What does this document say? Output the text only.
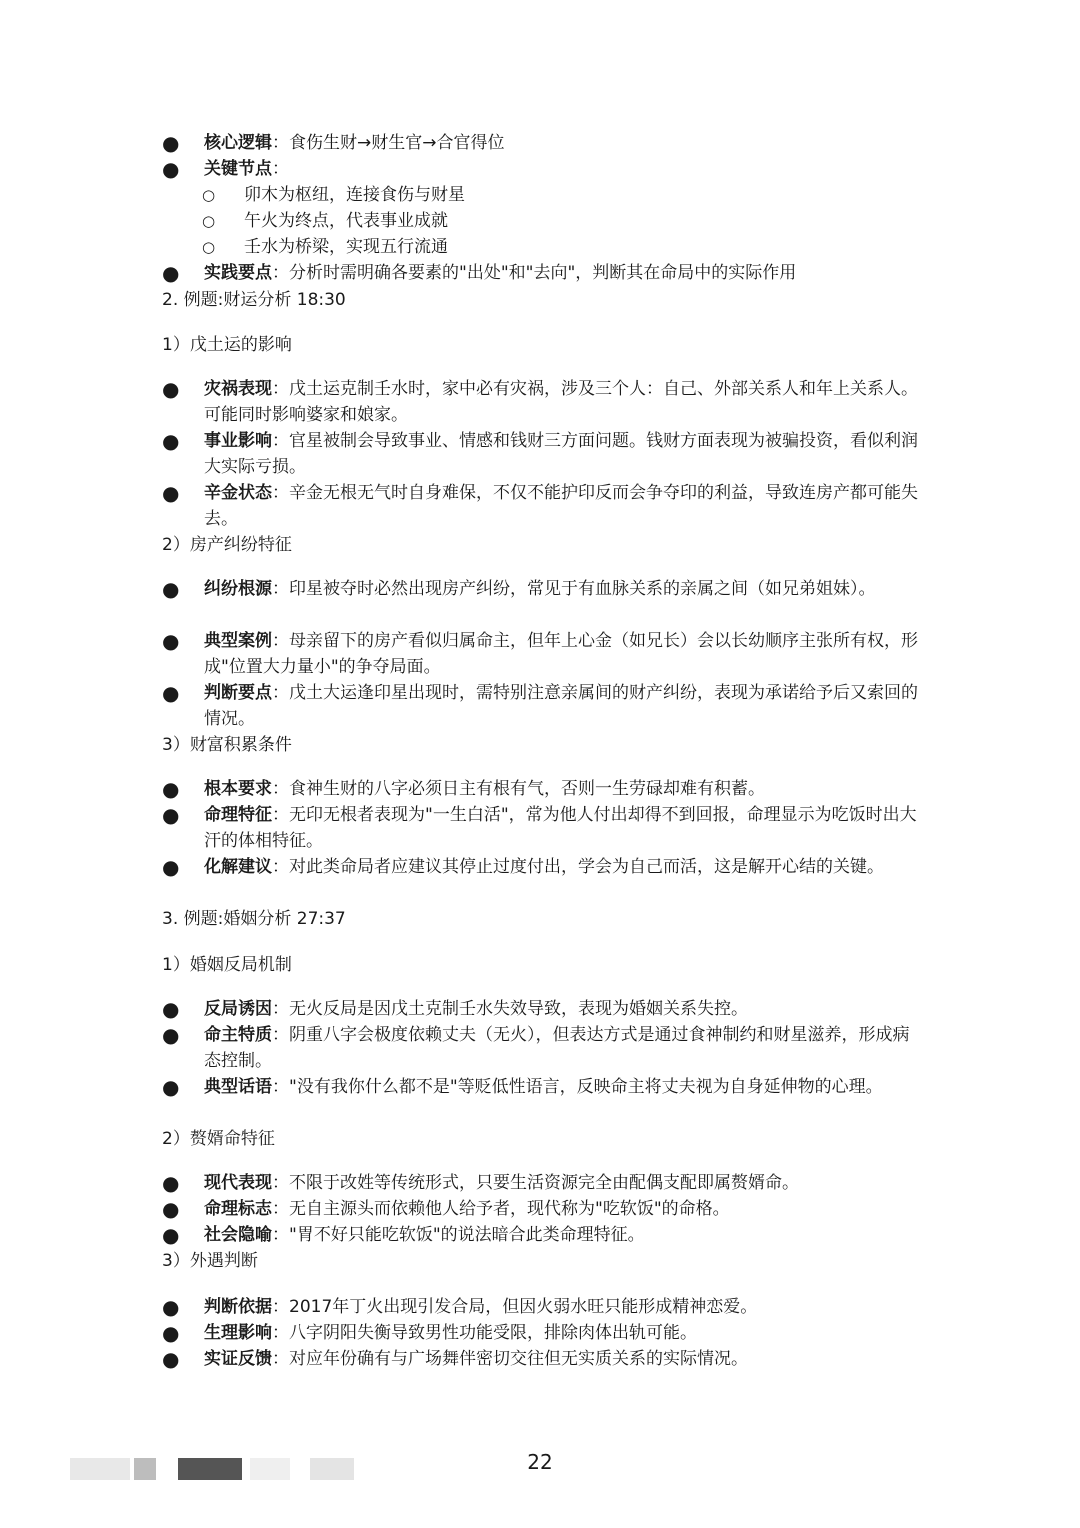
● 核心逻辑：食伤生财→财生官→合官得位
● 关键节点：
○ 卯木为枢纽，连接食伤与财星
○ 午火为终点，代表事业成就
○ 壬水为桥梁，实现五行流通
● 实践要点：分析时需明确各要素的"出处"和"去向"，判断其在命局中的实际作用
2. 例题:财运分析 18:30
1）戊土运的影响
● 灾祸表现：戊土运克制壬水时，家中必有灾祸，涉及三个人：自己、外部关系人和年上关系人。可能同时影响婆家和娘家。
● 事业影响：官星被制会导致事业、情感和钱财三方面问题。钱财方面表现为被骗投资，看似利润大实际亏损。
● 辛金状态：辛金无根无气时自身难保，不仅不能护印反而会争夺印的利益，导致连房产都可能失去。
2）房产纠纷特征
● 纠纷根源：印星被夺时必然出现房产纠纷，常见于有血脉关系的亲属之间（如兄弟姐妹）。
● 典型案例：母亲留下的房产看似归属命主，但年上心金（如兄长）会以长幼顺序主张所有权，形成"位置大力量小"的争夺局面。
● 判断要点：戊土大运逢印星出现时，需特别注意亲属间的财产纠纷，表现为承诺给予后又索回的情况。
3）财富积累条件
● 根本要求：食神生财的八字必须日主有根有气，否则一生劳碌却难有积蓄。
● 命理特征：无印无根者表现为"一生白活"，常为他人付出却得不到回报，命理显示为吃饭时出大汗的体相特征。
● 化解建议：对此类命局者应建议其停止过度付出，学会为自己而活，这是解开心结的关键。
3. 例题:婚姻分析 27:37
1）婚姻反局机制
● 反局诱因：无火反局是因戊土克制壬水失效导致，表现为婚姻关系失控。
● 命主特质：阴重八字会极度依赖丈夫（无火），但表达方式是通过食神制约和财星滋养，形成病态控制。
● 典型话语："没有我你什么都不是"等贬低性语言，反映命主将丈夫视为自身延伸物的心理。
2）赘婿命特征
● 现代表现：不限于改姓等传统形式，只要生活资源完全由配偶支配即属赘婿命。
● 命理标志：无自主源头而依赖他人给予者，现代称为"吃软饭"的命格。
● 社会隐喻："胃不好只能吃软饭"的说法暗合此类命理特征。
3）外遇判断
● 判断依据：2017年丁火出现引发合局，但因火弱水旺只能形成精神恋爱。
● 生理影响：八字阴阳失衡导致男性功能受限，排除肉体出轨可能。
● 实证反馈：对应年份确有与广场舞伴密切交往但无实质关系的实际情况。
22
